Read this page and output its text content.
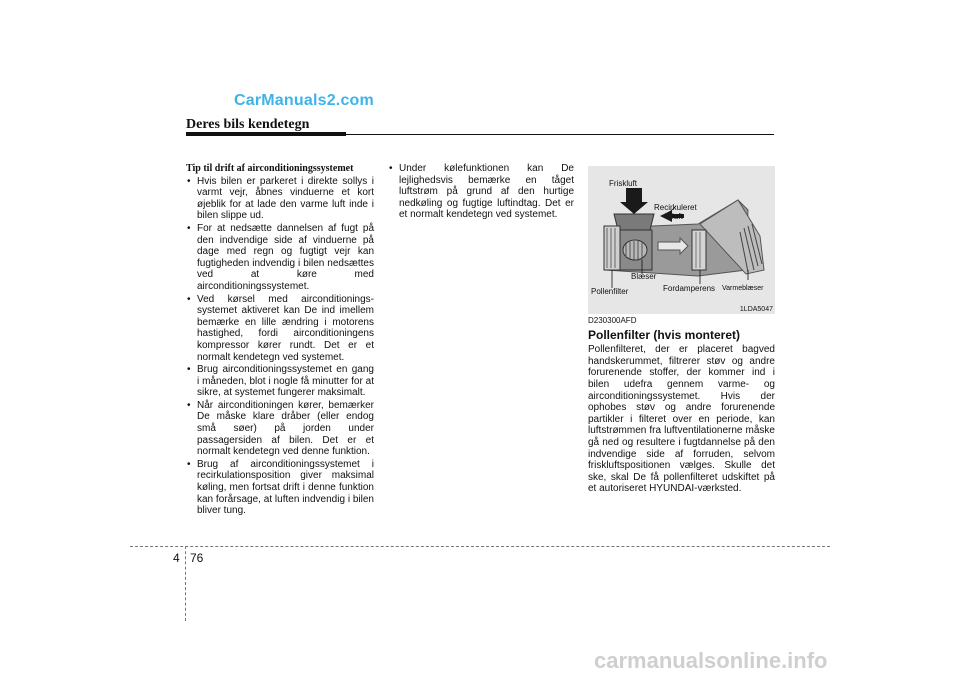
CarManuals2.com
Deres bils kendetegn
Tip til drift af airconditioningssystemet
• Hvis bilen er parkeret i direkte sollys i varmt vejr, åbnes vinduerne et kort øjeblik for at lade den varme luft inde i bilen slippe ud.
• For at nedsætte dannelsen af fugt på den indvendige side af vinduerne på dage med regn og fugtigt vejr kan fugtigheden indvendig i bilen nedsættes ved at køre med airconditioningssystemet.
• Ved kørsel med airconditionings-systemet aktiveret kan De ind imellem bemærke en lille ændring i motorens hastighed, fordi airconditioningens kompressor kører rundt. Det er et normalt kendetegn ved systemet.
• Brug airconditioningssystemet en gang i måneden, blot i nogle få minutter for at sikre, at systemet fungerer maksimalt.
• Når airconditioningen kører, bemærker De måske klare dråber (eller endog små søer) på jorden under passagersiden af bilen. Det er et normalt kendetegn ved denne funktion.
• Brug af airconditioningssystemet i recirkulationsposition giver maksimal køling, men fortsat drift i denne funktion kan forårsage, at luften indvendig i bilen bliver tung.
• Under kølefunktionen kan De lejlighedsvis bemærke en tåget luftstrøm på grund af den hurtige nedkøling og fugtige luftindtag. Det er et normalt kendetegn ved systemet.
Friskluft
Recirkuleret
luft
Blæser
Pollenfilter	Fordamperens Varmeblæser
1LDA5047
D230300AFD
Pollenfilter (hvis monteret)

Pollenfilteret, der er placeret bagved handskerummet, filtrerer støv og andre forurenende stoffer, der kommer ind i bilen udefra gennem varme- og airconditioningssystemet. Hvis der ophobes støv og andre forurenende partikler i filteret over en periode, kan luftstrømmen fra luftventilationerne måske gå ned og resultere i fugtdannelse på den indvendige side af forruden, selvom friskluftspositionen vælges. Skulle det ske, skal De få pollenfilteret udskiftet på et autoriseret HYUNDAI-værksted.

4 76
carmanualsonline.info
